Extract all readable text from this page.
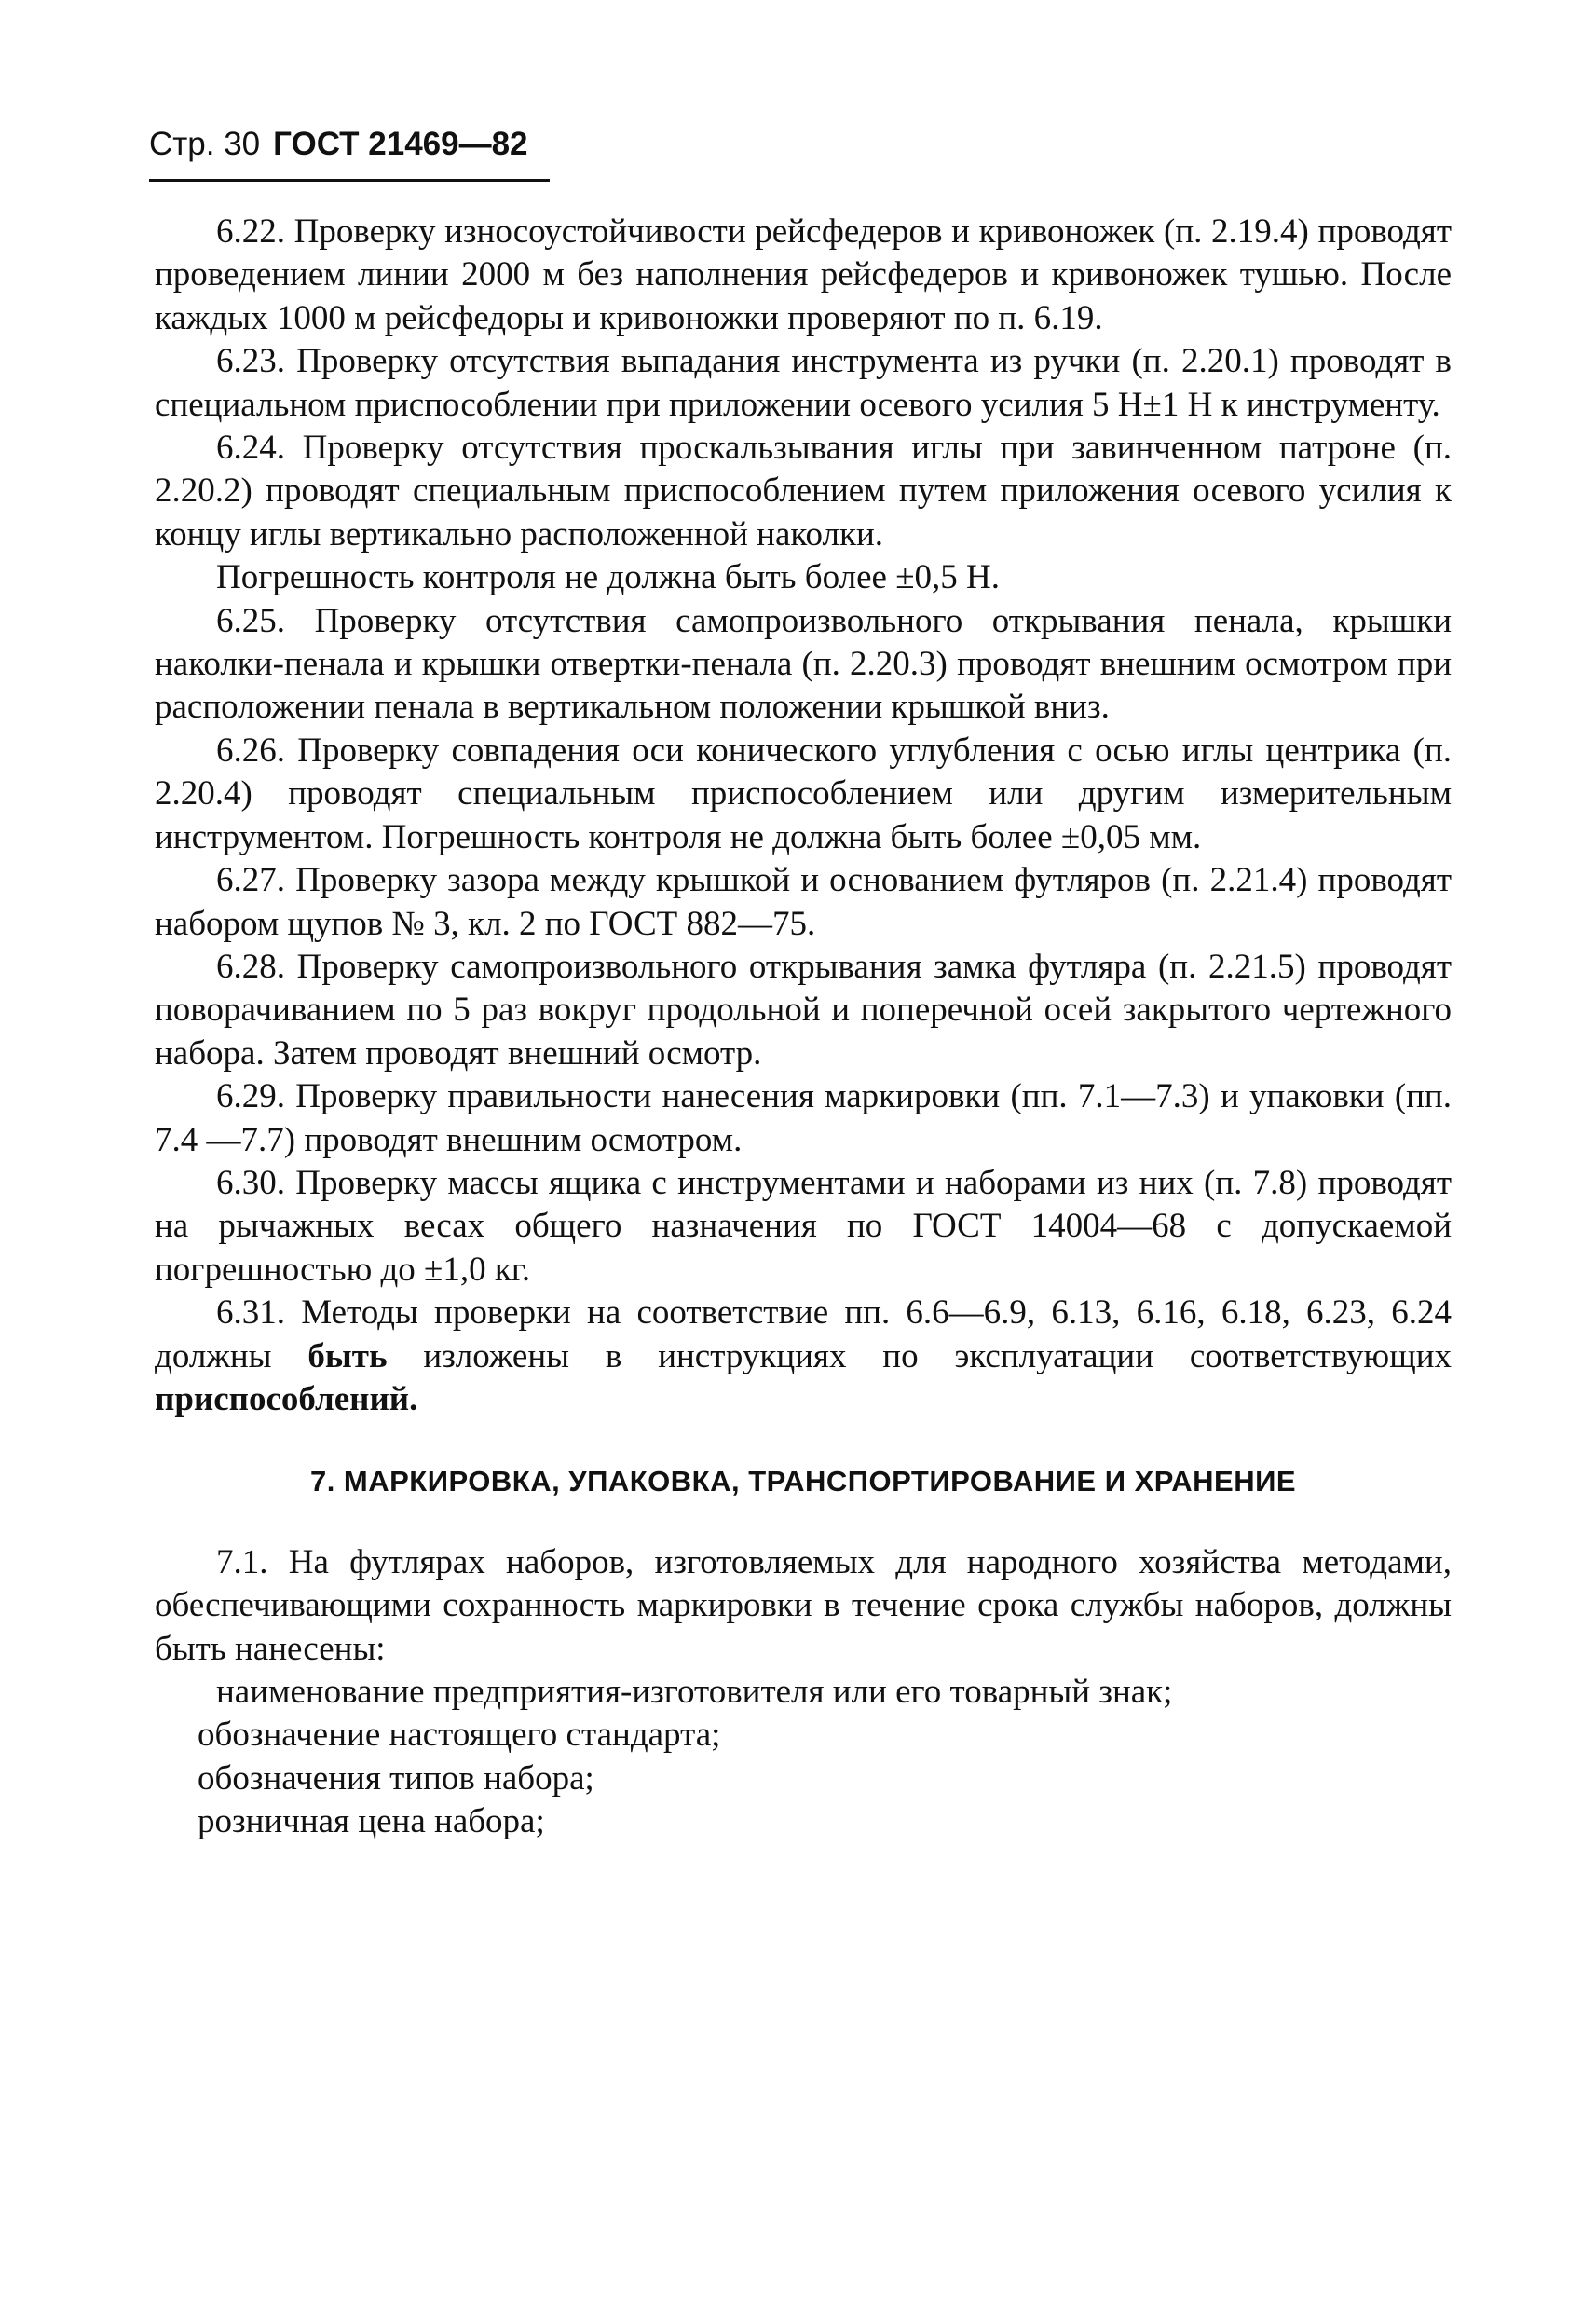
Стр. 30 ГОСТ 21469—82

6.22. Проверку износоустойчивости рейсфедеров и кривоножек (п. 2.19.4) проводят проведением линии 2000 м без наполнения рейсфедеров и кривоножек тушью. После каждых 1000 м рейсфедоры и кривоножки проверяют по п. 6.19.

6.23. Проверку отсутствия выпадания инструмента из ручки (п. 2.20.1) проводят в специальном приспособлении при приложении осевого усилия 5 Н±1 Н к инструменту.

6.24. Проверку отсутствия проскальзывания иглы при завинченном патроне (п. 2.20.2) проводят специальным приспособлением путем приложения осевого усилия к концу иглы вертикально расположенной наколки.

Погрешность контроля не должна быть более ±0,5 Н.

6.25. Проверку отсутствия самопроизвольного открывания пенала, крышки наколки-пенала и крышки отвертки-пенала (п. 2.20.3) проводят внешним осмотром при расположении пенала в вертикальном положении крышкой вниз.

6.26. Проверку совпадения оси конического углубления с осью иглы центрика (п. 2.20.4) проводят специальным приспособлением или другим измерительным инструментом. Погрешность контроля не должна быть более ±0,05 мм.

6.27. Проверку зазора между крышкой и основанием футляров (п. 2.21.4) проводят набором щупов № 3, кл. 2 по ГОСТ 882—75.

6.28. Проверку самопроизвольного открывания замка футляра (п. 2.21.5) проводят поворачиванием по 5 раз вокруг продольной и поперечной осей закрытого чертежного набора. Затем проводят внешний осмотр.

6.29. Проверку правильности нанесения маркировки (пп. 7.1—7.3) и упаковки (пп. 7.4 —7.7) проводят внешним осмотром.

6.30. Проверку массы ящика с инструментами и наборами из них (п. 7.8) проводят на рычажных весах общего назначения по ГОСТ 14004—68 с допускаемой погрешностью до ±1,0 кг.

6.31. Методы проверки на соответствие пп. 6.6—6.9, 6.13, 6.16, 6.18, 6.23, 6.24 должны быть изложены в инструкциях по эксплуатации соответствующих приспособлений.

7. МАРКИРОВКА, УПАКОВКА, ТРАНСПОРТИРОВАНИЕ И ХРАНЕНИЕ

7.1. На футлярах наборов, изготовляемых для народного хозяйства методами, обеспечивающими сохранность маркировки в течение срока службы наборов, должны быть нанесены:

наименование предприятия-изготовителя или его товарный знак;

обозначение настоящего стандарта;

обозначения типов набора;

розничная цена набора;
